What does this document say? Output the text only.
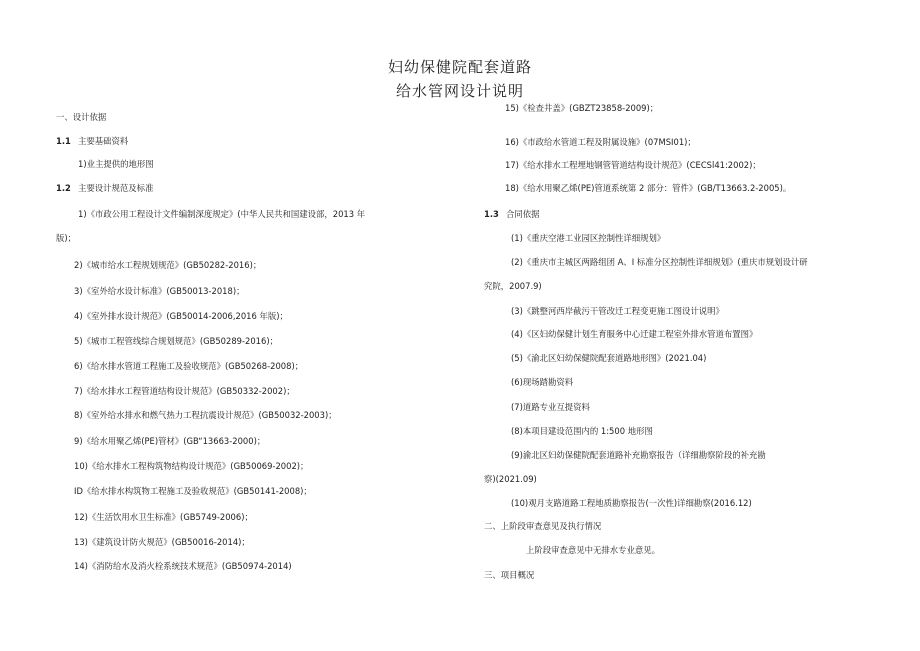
妇幼保健院配套道路
给水管网设计说明
一、设计依据
1.1 主要基础资料
1)业主提供的地形图
1.2 主要设计规范及标准
1)《市政公用工程设计文件编制深度规定》(中华人民共和国建设部，2013 年
版)；
2)《城市给水工程规划规范》(GB50282-2016)；
3)《室外给水设计标准》(GB50013-2018)；
4)《室外排水设计规范》(GB50014-2006,2016 年版)；
5)《城市工程管线综合规划规范》(GB50289-2016)；
6)《给水排水管道工程施工及验收规范》(GB50268-2008)；
7)《给水排水工程管道结构设计规范》(GB50332-2002)；
8)《室外给水排水和燃气热力工程抗震设计规范》(GB50032-2003)；
9)《给水用聚乙烯(PE)管材》(GB“13663-2000)；
10)《给水排水工程构筑物结构设计规范》(GB50069-2002)；
ID《给水排水构筑物工程施工及验收规范》(GB50141-2008)；
12)《生活饮用水卫生标准》(GB5749-2006)；
13)《建筑设计防火规范》(GB50016-2014)；
14)《消防给水及消火栓系统技术规范》(GB50974-2014)
15)《检查井盖》(GBZT23858-2009)；
16)《市政给水管道工程及附属设施》(07MSI01)；
17)《给水排水工程埋地钢管管道结构设计规范》(CECSl41:2002)；
18)《给水用聚乙烯(PE)管道系统第 2 部分：管件》(GB/T13663.2-2005)。
1.3 合同依据
(1)《重庆空港工业园区控制性详细规划》
(2)《重庆市主城区两路组团 A、I 标准分区控制性详细规划》(重庆市规划设计研
究院，2007.9)
(3)《跳整河西岸截污干管改迁工程变更施工图设计说明》
(4)《区妇幼保健计划生育服务中心迁建工程室外排水管道布置图》
(5)《渝北区妇幼保健院配套道路地形图》(2021.04)
(6)现场踏勘资料
(7)道路专业互提资料
(8)本项目建设范围内的 1:500 地形图
(9)渝北区妇幼保健院配套道路补充勘察报告（详细勘察阶段的补充勘
察)(2021.09)
(10)观月支路道路工程地质勘察报告(一次性)详细勘察(2016.12)
二、上阶段审查意见及执行情况
上阶段审查意见中无排水专业意见。
三、项目概况
